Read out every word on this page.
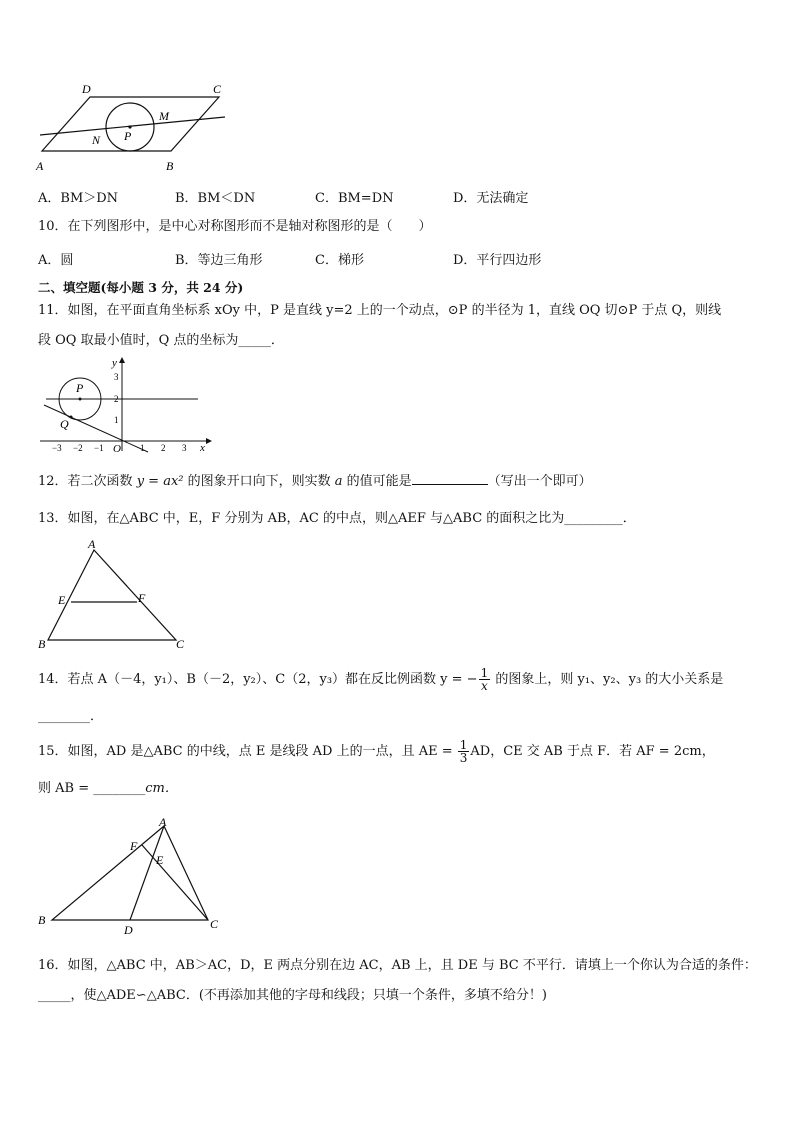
D	C
M
N P
A	B
A．BM＞DN	B．BM＜DN	C．BM=DN	D．无法确定
10．在下列图形中，是中心对称图形而不是轴对称图形的是（　　）
A．圆	B．等边三角形	C．梯形	D．平行四边形
二、填空题(每小题 3 分，共 24 分)
11．如图，在平面直角坐标系 xOy 中，P 是直线 y=2 上的一个动点，⊙P 的半径为 1，直线 OQ 切⊙P 于点 Q，则线
段 OQ 取最小值时，Q 点的坐标为_____．
y
x
P
Q
O
3
2
1
−3 −2 −1	1 2 3
12．若二次函数 y = ax² 的图象开口向下，则实数 a 的值可能是	（写出一个即可）
13．如图，在△ABC 中，E，F 分别为 AB，AC 的中点，则△AEF 与△ABC 的面积之比为_________．
A
E	F
B	C
14．若点 A（－4，y₁）、B（－2，y₂）、C（2，y₃）都在反比例函数 y = − $\frac{1}{x}$ 的图象上，则 y₁、y₂、y₃ 的大小关系是
________．
15．如图，AD 是△ABC 的中线，点 E 是线段 AD 上的一点，且 AE = $\frac{1}{3}$ AD，CE 交 AB 于点 F．若 AF = 2cm，
则 AB = ________cm．
A
F
E
B
D	C
16．如图，△ABC 中，AB＞AC，D，E 两点分别在边 AC，AB 上，且 DE 与 BC 不平行．请填上一个你认为合适的条件：
_____，使△ADE∽△ABC．(不再添加其他的字母和线段；只填一个条件，多填不给分！)
